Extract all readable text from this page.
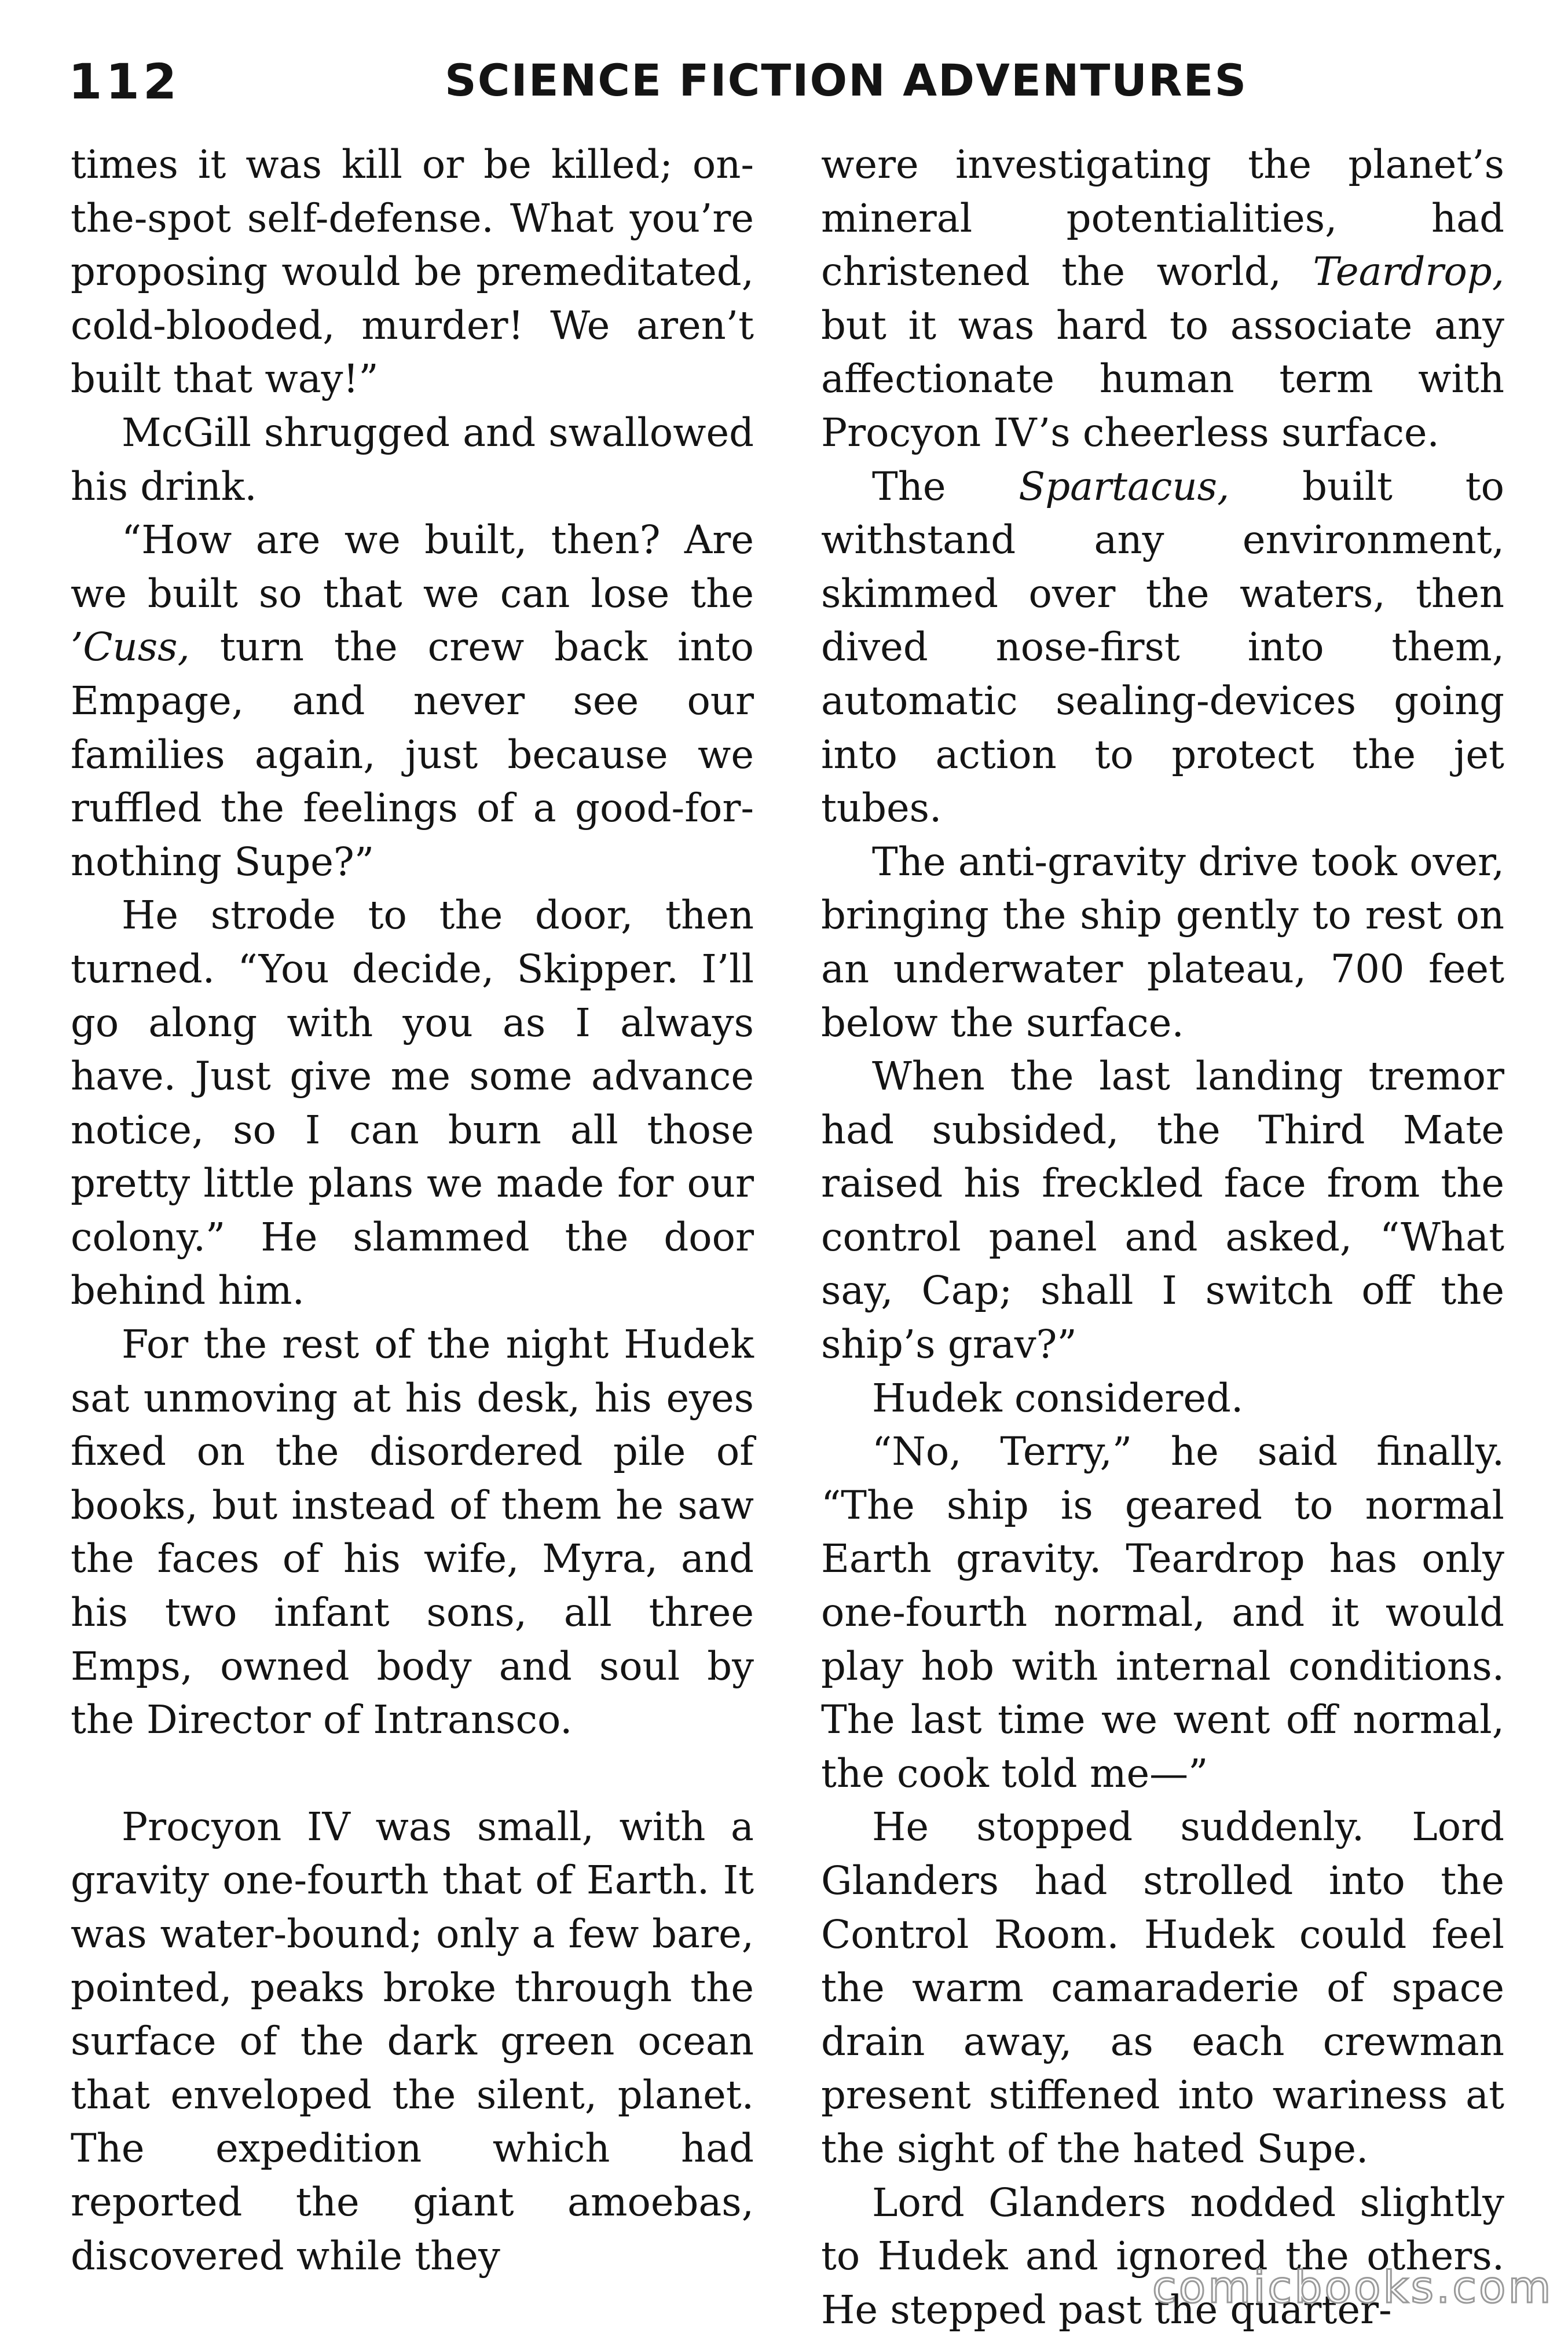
112	SCIENCE FICTION ADVENTURES

times it was kill or be killed; on-the-spot self-defense. What you’re proposing would be premeditated, cold-blooded, murder! We aren’t built that way!”

McGill shrugged and swallowed his drink.

“How are we built, then? Are we built so that we can lose the ’Cuss, turn the crew back into Empage, and never see our families again, just because we ruffled the feelings of a good-for-nothing Supe?”

He strode to the door, then turned. “You decide, Skipper. I’ll go along with you as I always have. Just give me some advance notice, so I can burn all those pretty little plans we made for our colony.” He slammed the door behind him.

For the rest of the night Hudek sat unmoving at his desk, his eyes fixed on the disordered pile of books, but instead of them he saw the faces of his wife, Myra, and his two infant sons, all three Emps, owned body and soul by the Director of Intransco.

Procyon IV was small, with a gravity one-fourth that of Earth. It was water-bound; only a few bare, pointed, peaks broke through the surface of the dark green ocean that enveloped the silent, planet. The expedition which had reported the giant amoebas, discovered while they

were investigating the planet’s mineral potentialities, had christened the world, Teardrop, but it was hard to associate any affectionate human term with Procyon IV’s cheerless surface.

The Spartacus, built to withstand any environment, skimmed over the waters, then dived nose-first into them, automatic sealing-devices going into action to protect the jet tubes.

The anti-gravity drive took over, bringing the ship gently to rest on an underwater plateau, 700 feet below the surface.

When the last landing tremor had subsided, the Third Mate raised his freckled face from the control panel and asked, “What say, Cap; shall I switch off the ship’s grav?”

Hudek considered.

“No, Terry,” he said finally. “The ship is geared to normal Earth gravity. Teardrop has only one-fourth normal, and it would play hob with internal conditions. The last time we went off normal, the cook told me—”

He stopped suddenly. Lord Glanders had strolled into the Control Room. Hudek could feel the warm camaraderie of space drain away, as each crewman present stiffened into wariness at the sight of the hated Supe.

Lord Glanders nodded slightly to Hudek and ignored the others. He stepped past the quarter-

comicbooks.com
